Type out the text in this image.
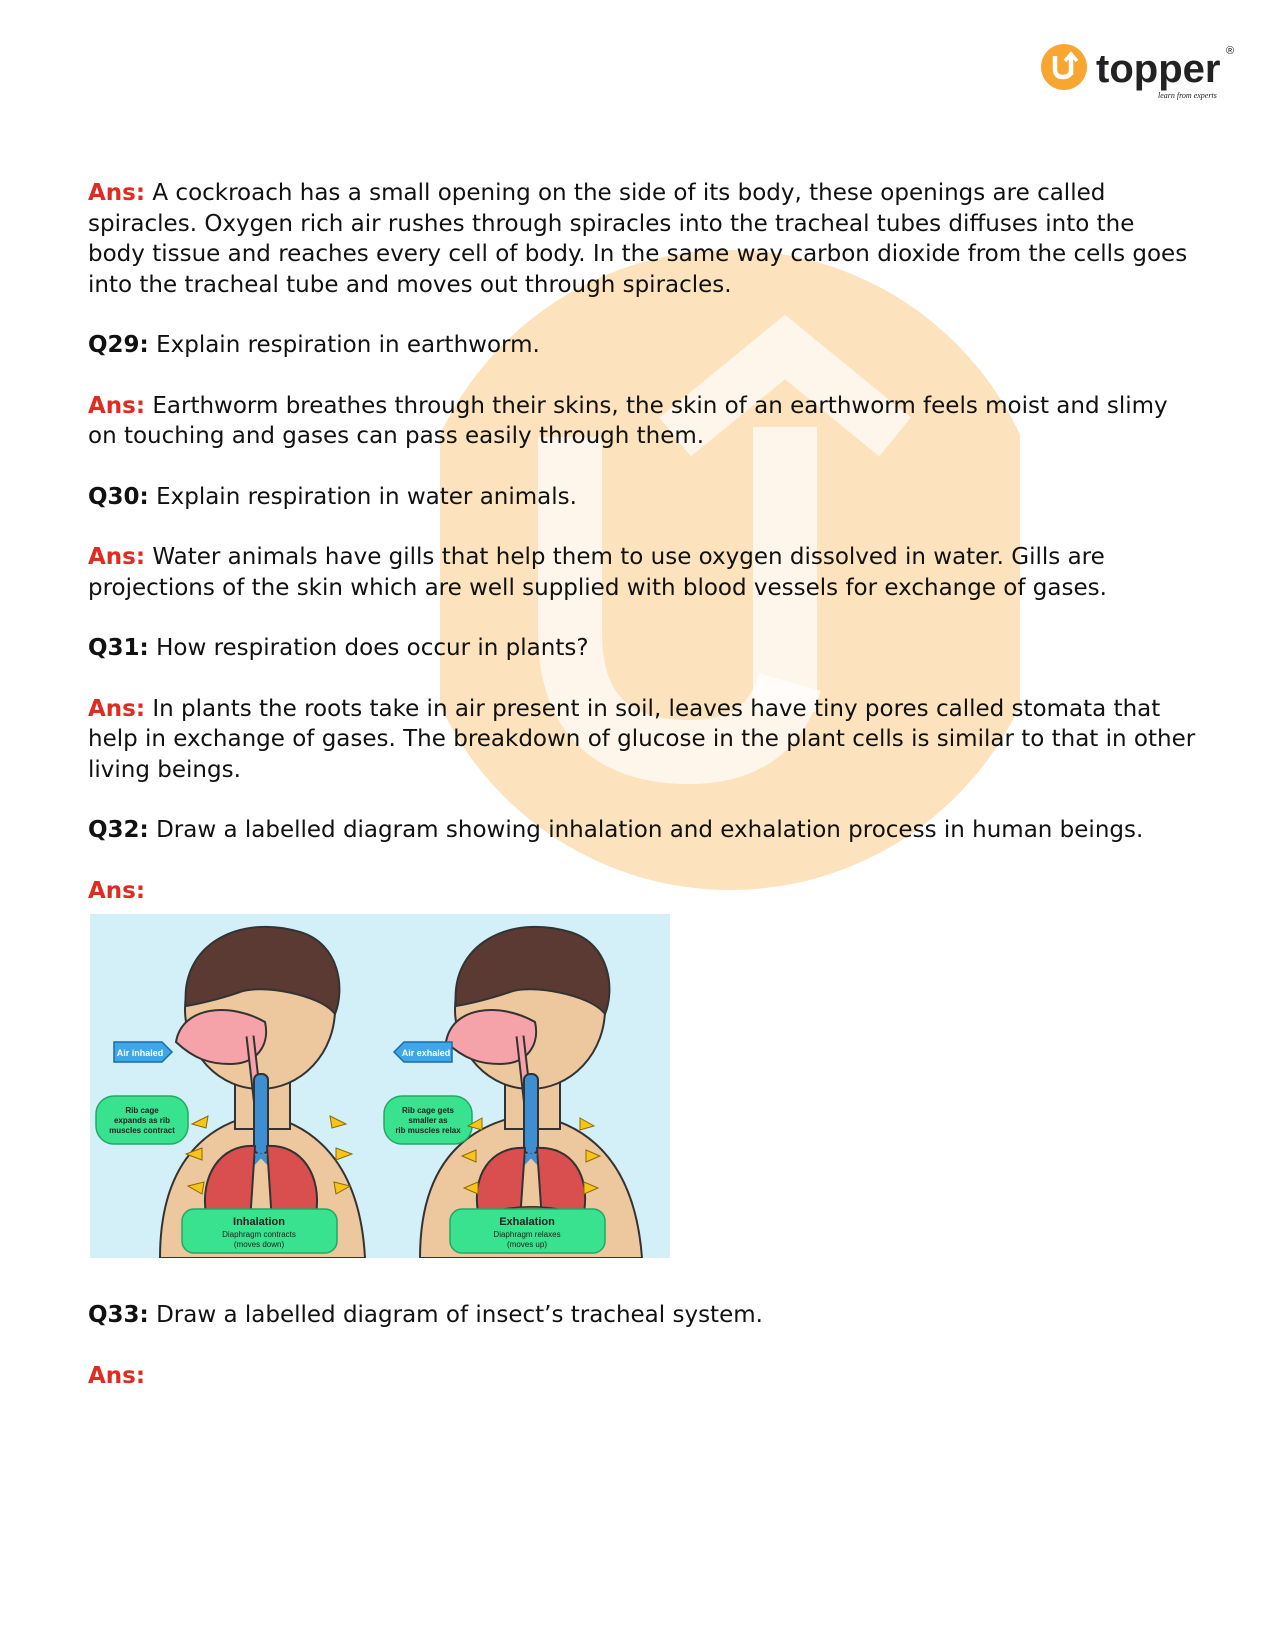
topper ®
learn from experts

Ans: A cockroach has a small opening on the side of its body, these openings are called spiracles. Oxygen rich air rushes through spiracles into the tracheal tubes diffuses into the body tissue and reaches every cell of body. In the same way carbon dioxide from the cells goes into the tracheal tube and moves out through spiracles.

Q29: Explain respiration in earthworm.

Ans: Earthworm breathes through their skins, the skin of an earthworm feels moist and slimy on touching and gases can pass easily through them.

Q30: Explain respiration in water animals.

Ans: Water animals have gills that help them to use oxygen dissolved in water. Gills are projections of the skin which are well supplied with blood vessels for exchange of gases.

Q31: How respiration does occur in plants?

Ans: In plants the roots take in air present in soil, leaves have tiny pores called stomata that help in exchange of gases. The breakdown of glucose in the plant cells is similar to that in other living beings.

Q32: Draw a labelled diagram showing inhalation and exhalation process in human beings.

Ans:

Air inhaled
Rib cage
expands as rib
muscles contract
Inhalation
Diaphragm contracts
(moves down)
Air exhaled
Rib cage gets
smaller as
rib muscles relax
Exhalation
Diaphragm relaxes
(moves up)

Q33: Draw a labelled diagram of insect’s tracheal system.

Ans:
